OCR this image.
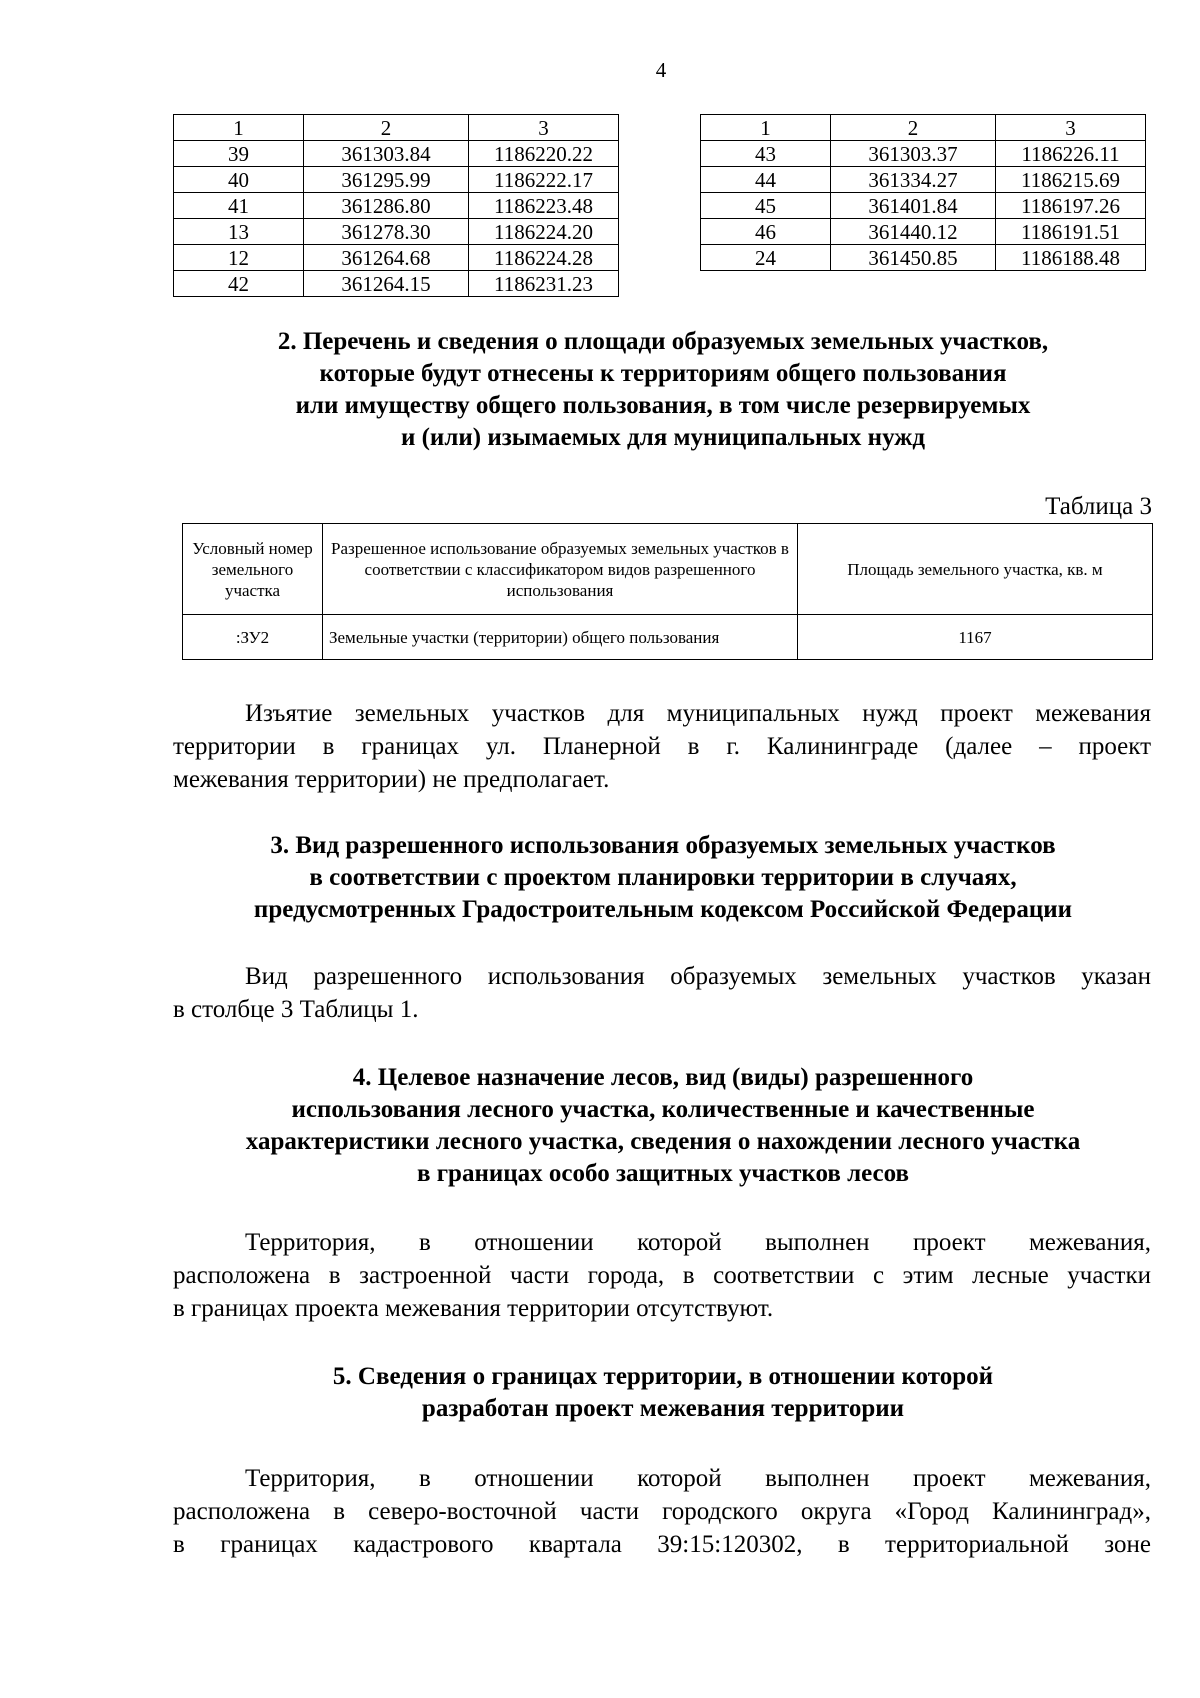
4
1	2	3
39	361303.84	1186220.22
40	361295.99	1186222.17
41	361286.80	1186223.48
13	361278.30	1186224.20
12	361264.68	1186224.28
42	361264.15	1186231.23
1	2	3
43	361303.37	1186226.11
44	361334.27	1186215.69
45	361401.84	1186197.26
46	361440.12	1186191.51
24	361450.85	1186188.48
2. Перечень и сведения о площади образуемых земельных участков,
которые будут отнесены к территориям общего пользования
или имуществу общего пользования, в том числе резервируемых
и (или) изымаемых для муниципальных нужд
Таблица 3
Условный номер земельного участка	Разрешенное использование образуемых земельных участков в соответствии с классификатором видов разрешенного использования	Площадь земельного участка, кв. м
:ЗУ2	Земельные участки (территории) общего пользования	1167

Изъятие земельных участков для муниципальных нужд проект межевания
территории в границах ул. Планерной в г. Калининграде (далее – проект
межевания территории) не предполагает.

3. Вид разрешенного использования образуемых земельных участков
в соответствии с проектом планировки территории в случаях,
предусмотренных Градостроительным кодексом Российской Федерации

Вид разрешенного использования образуемых земельных участков указан
в столбце 3 Таблицы 1.

4. Целевое назначение лесов, вид (виды) разрешенного
использования лесного участка, количественные и качественные
характеристики лесного участка, сведения о нахождении лесного участка
в границах особо защитных участков лесов

Территория, в отношении которой выполнен проект межевания,
расположена в застроенной части города, в соответствии с этим лесные участки
в границах проекта межевания территории отсутствуют.

5. Сведения о границах территории, в отношении которой
разработан проект межевания территории

Территория, в отношении которой выполнен проект межевания,
расположена в северо-восточной части городского округа «Город Калининград»,
в границах кадастрового квартала 39:15:120302, в территориальной зоне
